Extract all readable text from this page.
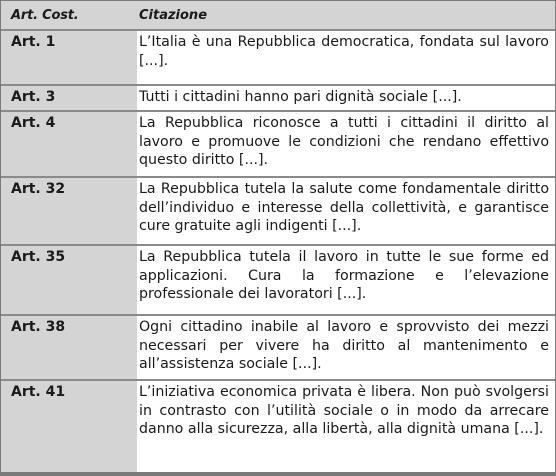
Art. Cost.	Citazione
Art. 1	L’Italia è una Repubblica democratica, fondata sul lavoro [...].
Art. 3	Tutti i cittadini hanno pari dignità sociale [...].
Art. 4	La Repubblica riconosce a tutti i cittadini il diritto al lavoro e promuove le condizioni che rendano effettivo questo diritto [...].
Art. 32	La Repubblica tutela la salute come fondamentale diritto dell’individuo e interesse della collettività, e garantisce cure gratuite agli indigenti [...].
Art. 35	La Repubblica tutela il lavoro in tutte le sue forme ed applicazioni. Cura la formazione e l’elevazione professionale dei lavoratori [...].
Art. 38	Ogni cittadino inabile al lavoro e sprovvisto dei mezzi necessari per vivere ha diritto al mantenimento e all’assistenza sociale [...].
Art. 41	L’iniziativa economica privata è libera. Non può svolgersi in contrasto con l’utilità sociale o in modo da arrecare danno alla sicurezza, alla libertà, alla dignità umana [...].
